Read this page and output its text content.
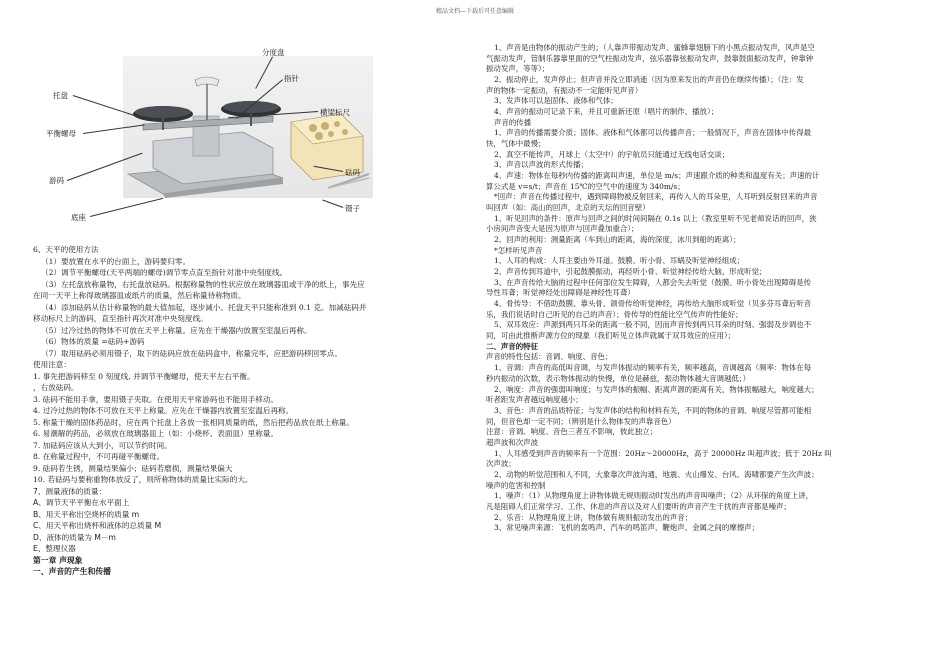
精品文档---下载后可任意编辑
分度盘
指针
托盘
横梁标尺
平衡螺母
砝码
游码
镊子
底座
6、天平的使用方法
（1）要放置在水平的台面上，游码要归零。
（2）调节平衡螺母(天平两端的螺母)调节零点直至指针对准中央刻度线。
（3）左托盘放称量物，右托盘放砝码。根据称量物的性状应放在玻璃器皿或干净的纸上，事先应
在同一天平上称得玻璃器皿或纸片的质量，然后称量待称物质。
（4）添加砝码从估计称量物的最大值加起，逐步减小。托盘天平只能称准到 0.1 克。加减砝码并
移动标尺上的游码，直至指针再次对准中央刻度线。
（5）过冷过热的物体不可放在天平上称量。应先在干燥器内放置至室温后再称。
（6）物体的质量 =砝码+游码
（7）取用砝码必须用镊子，取下的砝码应放在砝码盒中，称量完毕，应把游码移回零点。
使用注意：
1. 事先把游码移至 0 刻度线, 并调节平衡螺母，使天平左右平衡。
，右放砝码。
3. 砝码不能用手拿，要用镊子夹取。在使用天平常游码也不能用手移动。
4. 过冷过热的物体不可放在天平上称量。应先在干燥器内放置至室温后再称。
5. 称量干燥的固体药品时，应在两个托盘上各放一张相同质量的纸，然后把药品放在纸上称量。
6. 易潮解的药品，必须放在玻璃器皿上（如：小烧杯、表面皿）里称量。
7. 加砝码应该从大到小，可以节约时间。
8. 在称量过程中，不可再碰平衡螺母。
9. 砝码若生锈，测量结果偏小；砝码若磨损，测量结果偏大
10. 若砝码与要称重物体放反了，则所称物体的质量比实际的大。
7、测量液体的质量：
A、调节天平平衡在水平面上
B、用天平称出空烧杯的质量 m
C、用天平称出烧杯和液体的总质量 M
D、液体的质量为 M－m
E、整理仪器
第一章 声现象
一、声音的产生和传播
1、声音是由物体的振动产生的；（人靠声带振动发声、蜜蜂靠翅膀下的小黑点振动发声，风声是空
气振动发声，管制乐器靠里面的空气柱振动发声，弦乐器靠弦振动发声，鼓靠鼓面振动发声，钟靠钟
振动发声，等等）；
2、振动停止，发声停止；但声音并没立即消逝（因为原来发出的声音仍在继续传播）；（注：发
声的物体一定振动，有振动不一定能听见声音）
3、发声体可以是固体、液体和气体；
4、声音的振动可记录下来，并且可重新还原（唱片的制作、播放）；
声音的传播
1、声音的传播需要介质；固体、液体和气体都可以传播声音；一般情况下，声音在固体中传得最
快，气体中最慢；
2、真空不能传声，月球上（太空中）的宇航员只能通过无线电话交谈；
3、声音以声波的形式传播；
4、声速：物体在每秒内传播的距离叫声速，单位是 m/s；声速跟介质的种类和温度有关；声速的计
算公式是 v=s/t；声音在 15℃的空气中的速度为 340m/s；
*回声：声音在传播过程中，遇到障碍物被反射回来，再传入人的耳朵里，人耳听到反射回来的声音
叫回声（如：高山的回声，北京的天坛的回音壁）
1、听见回声的条件：原声与回声之间的时间间隔在 0.1s 以上（教室里听不见老师说话的回声，狭
小房间声音变大是因为原声与回声叠加重合）；
2、回声的利用：测量距离（车到山的距离，海的深度，冰川到船的距离）；
*怎样听见声音
1、人耳的构成：人耳主要由外耳道、鼓膜、听小骨、耳蜗及听觉神经组成；
2、声音传到耳道中，引起鼓膜振动，再经听小骨、听觉神经传给大脑，形成听觉；
3、在声音传给大脑的过程中任何部位发生障碍，人都会失去听觉（鼓膜、听小骨处出现障碍是传
导性耳聋；听觉神经处出障碍是神经性耳聋）
4、骨传导：不借助鼓膜、靠头骨、颌骨传给听觉神经，再传给大脑形成听觉（贝多芬耳聋后听音
乐，我们说话时自己听见的自己的声音）；骨传导的性能比空气传声的性能好；
5、双耳效应：声源到两只耳朵的距离一般不同，因而声音传到两只耳朵的时刻、强弱及步调也不
同，可由此推断声源方位的现象（我们听见立体声就属于双耳效应的应用）；
二、声音的特征
声音的特性包括：音调、响度、音色；
1、音调：声音的高低叫音调，与发声体振动的频率有关，频率越高，音调越高（频率：物体在每
秒内振动的次数，表示物体振动的快慢，单位是赫兹，振动物体越大音调越低；）
2、响度：声音的强弱叫响度；与发声体的振幅、距离声源的距离有关，物体振幅越大，响度越大；
听者距发声者越远响度越小；
3、音色：声音的品质特征；与发声体的结构和材料有关，不同的物体的音调、响度尽管都可能相
同，但音色却一定不同；（辨别是什么物体发的声靠音色）
注意：音调、响度、音色三者互不影响，彼此独立；
超声波和次声波
1、人耳感受到声音的频率有一个范围：20Hz～20000Hz，高于 20000Hz 叫超声波；低于 20Hz 叫
次声波；
2、动物的听觉范围和人不同，大象靠次声波沟通，地震、火山爆发、台风、海啸都要产生次声波；
噪声的危害和控制
1、噪声：（1）从物理角度上讲物体做无规则振动时发出的声音叫噪声；（2）从环保的角度上讲，
凡是阻碍人们正常学习、工作、休息的声音以及对人们要听的声音产生干扰的声音都是噪声；
2、乐音：从物理角度上讲，物体做有规则振动发出的声音；
3、常见噪声来源：飞机的轰鸣声、汽车的鸣笛声、鞭炮声、金属之间的摩擦声；
